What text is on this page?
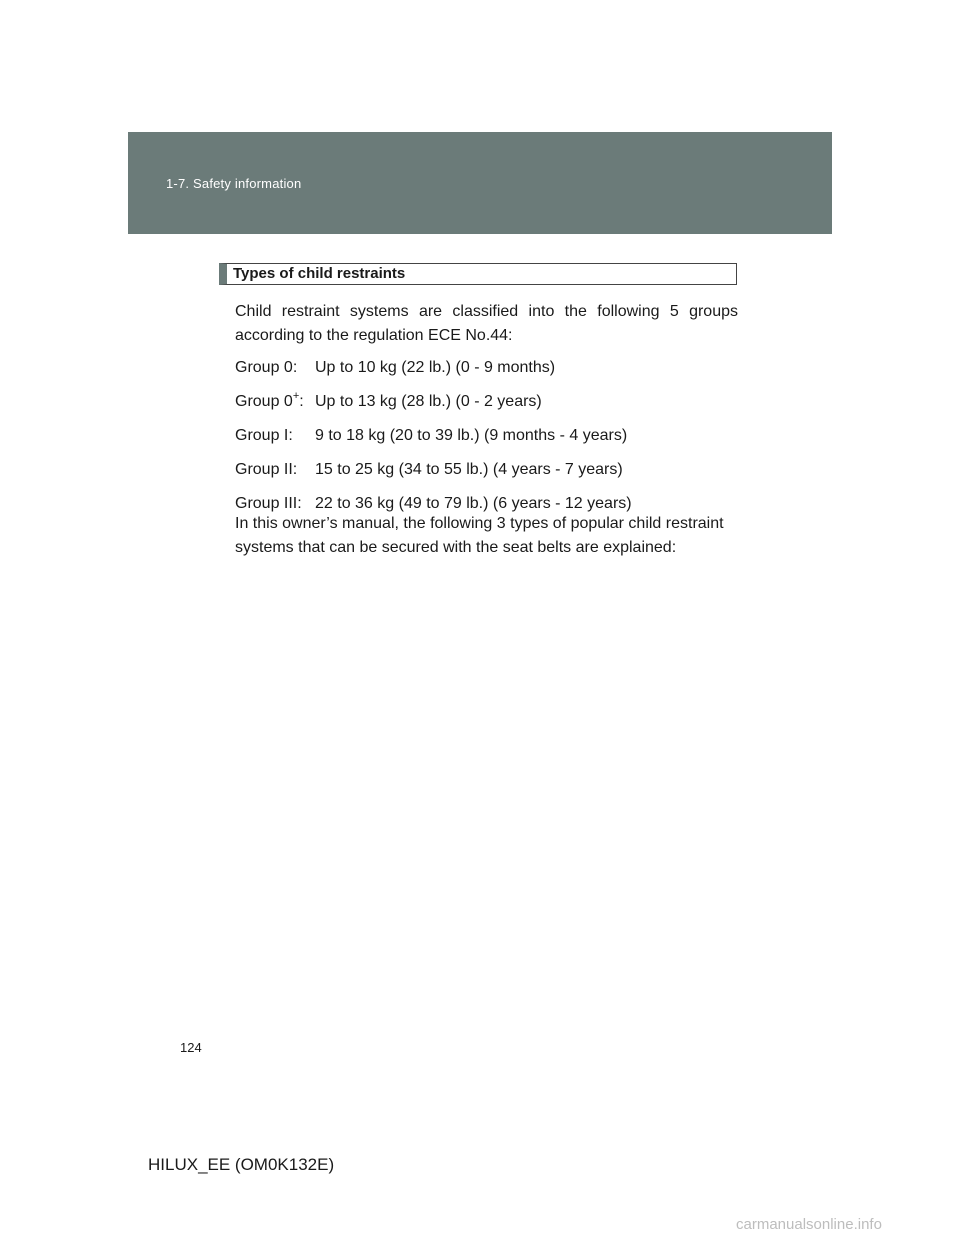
1-7. Safety information
Types of child restraints
Child restraint systems are classified into the following 5 groups according to the regulation ECE No.44:
Group 0:	Up to 10 kg (22 lb.) (0 - 9 months)
Group 0+: Up to 13 kg (28 lb.) (0 - 2 years)
Group I:	9 to 18 kg (20 to 39 lb.) (9 months - 4 years)
Group II:	15 to 25 kg (34 to 55 lb.) (4 years - 7 years)
Group III: 22 to 36 kg (49 to 79 lb.) (6 years - 12 years)
In this owner’s manual, the following 3 types of popular child restraint systems that can be secured with the seat belts are explained:
124
HILUX_EE (OM0K132E)
carmanualsonline.info
